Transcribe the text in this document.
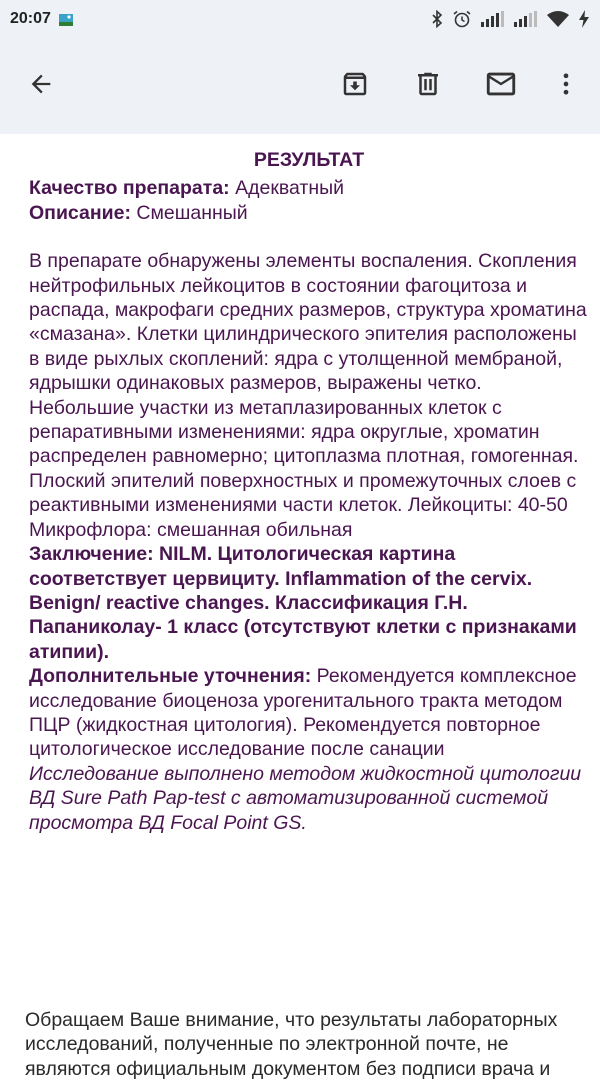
20:07
РЕЗУЛЬТАТ
Качество препарата: Адекватный
Описание: Смешанный
В препарате обнаружены элементы воспаления. Скопления нейтрофильных лейкоцитов в состоянии фагоцитоза и распада, макрофаги средних размеров, структура хроматина «смазана». Клетки цилиндрического эпителия расположены в виде рыхлых скоплений: ядра с утолщенной мембраной, ядрышки одинаковых размеров, выражены четко. Небольшие участки из метаплазированных клеток с репаративными изменениями: ядра округлые, хроматин распределен равномерно; цитоплазма плотная, гомогенная. Плоский эпителий поверхностных и промежуточных слоев с реактивными изменениями части клеток. Лейкоциты: 40-50 Микрофлора: смешанная обильная
Заключение: NILM. Цитологическая картина соответствует цервициту. Inflammation of the cervix. Benign/ reactive changes. Классификация Г.Н. Папаниколау- 1 класс (отсутствуют клетки с признаками атипии).
Дополнительные уточнения: Рекомендуется комплексное исследование биоценоза урогенитального тракта методом ПЦР (жидкостная цитология). Рекомендуется повторное цитологическое исследование после санации
Исследование выполнено методом жидкостной цитологии ВД Sure Path Pap-test с автоматизированной системой просмотра ВД Focal Point GS.
Обращаем Ваше внимание, что результаты лабораторных исследований, полученные по электронной почте, не являются официальным документом без подписи врача и
